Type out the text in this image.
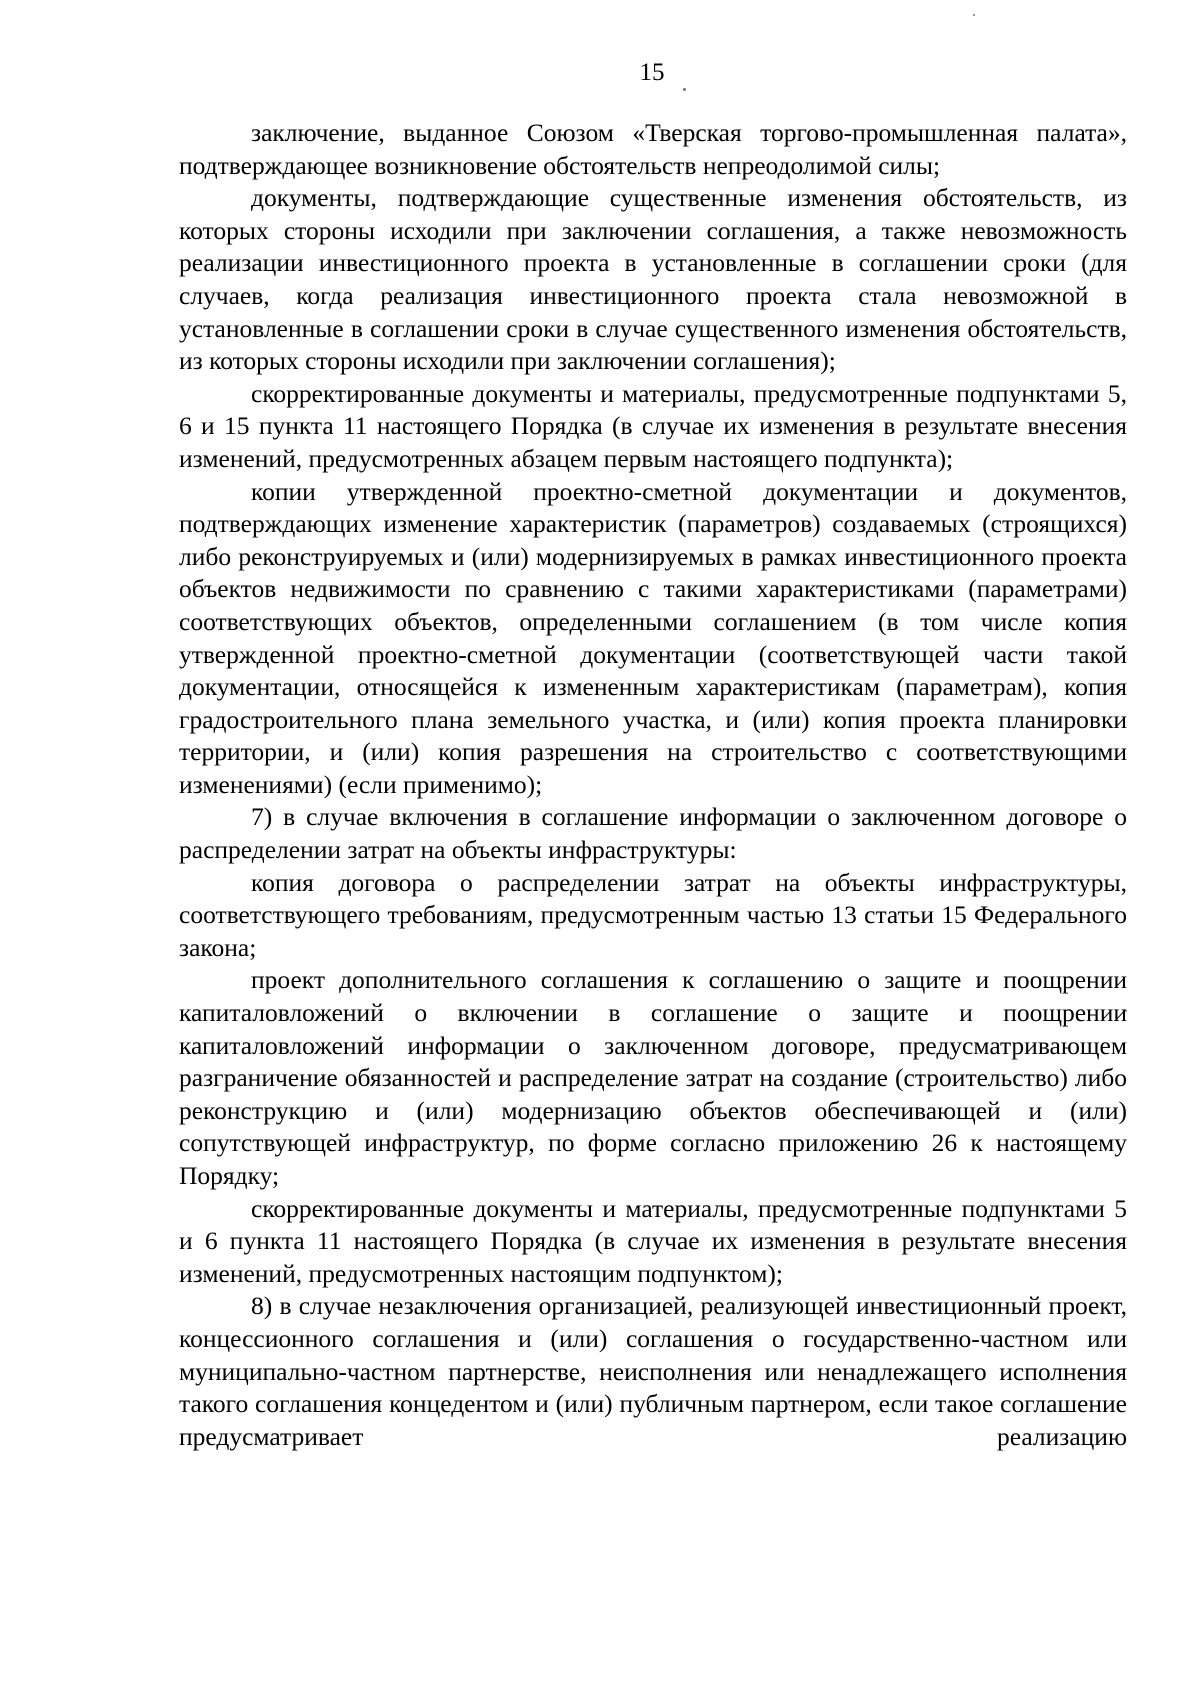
15

заключение, выданное Союзом «Тверская торгово-промышленная палата», подтверждающее возникновение обстоятельств непреодолимой силы;

документы, подтверждающие существенные изменения обстоятельств, из которых стороны исходили при заключении соглашения, а также невозможность реализации инвестиционного проекта в установленные в соглашении сроки (для случаев, когда реализация инвестиционного проекта стала невозможной в установленные в соглашении сроки в случае существенного изменения обстоятельств, из которых стороны исходили при заключении соглашения);

скорректированные документы и материалы, предусмотренные подпунктами 5, 6 и 15 пункта 11 настоящего Порядка (в случае их изменения в результате внесения изменений, предусмотренных абзацем первым настоящего подпункта);

копии утвержденной проектно-сметной документации и документов, подтверждающих изменение характеристик (параметров) создаваемых (строящихся) либо реконструируемых и (или) модернизируемых в рамках инвестиционного проекта объектов недвижимости по сравнению с такими характеристиками (параметрами) соответствующих объектов, определенными соглашением (в том числе копия утвержденной проектно-сметной документации (соответствующей части такой документации, относящейся к измененным характеристикам (параметрам), копия градостроительного плана земельного участка, и (или) копия проекта планировки территории, и (или) копия разрешения на строительство с соответствующими изменениями) (если применимо);

7) в случае включения в соглашение информации о заключенном договоре о распределении затрат на объекты инфраструктуры:

копия договора о распределении затрат на объекты инфраструктуры, соответствующего требованиям, предусмотренным частью 13 статьи 15 Федерального закона;

проект дополнительного соглашения к соглашению о защите и поощрении капиталовложений о включении в соглашение о защите и поощрении капиталовложений информации о заключенном договоре, предусматривающем разграничение обязанностей и распределение затрат на создание (строительство) либо реконструкцию и (или) модернизацию объектов обеспечивающей и (или) сопутствующей инфраструктур, по форме согласно приложению 26 к настоящему Порядку;

скорректированные документы и материалы, предусмотренные подпунктами 5 и 6 пункта 11 настоящего Порядка (в случае их изменения в результате внесения изменений, предусмотренных настоящим подпунктом);

8) в случае незаключения организацией, реализующей инвестиционный проект, концессионного соглашения и (или) соглашения о государственно-частном или муниципально-частном партнерстве, неисполнения или ненадлежащего исполнения такого соглашения концедентом и (или) публичным партнером, если такое соглашение предусматривает реализацию
